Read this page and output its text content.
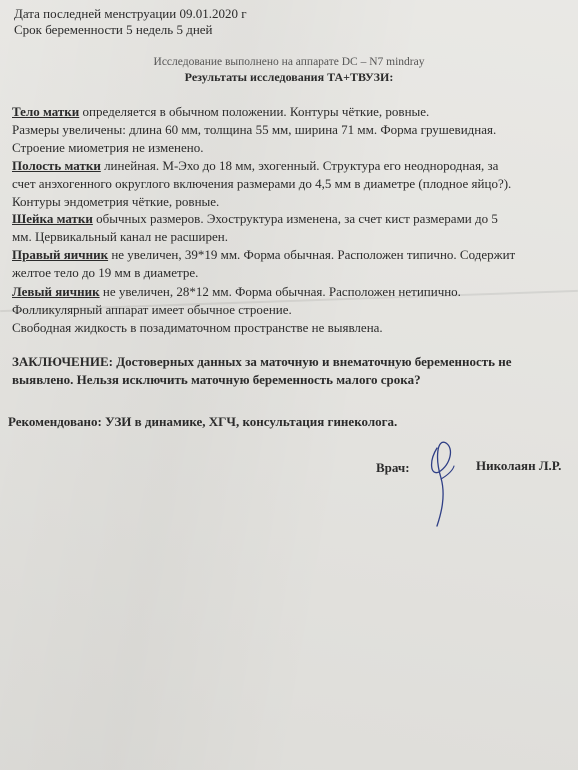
Дата последней менструации 09.01.2020 г
Срок беременности 5 недель 5 дней
Исследование выполнено на аппарате DC – N7 mindray
Результаты исследования ТА+ТВУЗИ:
Тело матки определяется в обычном положении. Контуры чёткие, ровные.
Размеры увеличены: длина 60 мм, толщина 55 мм, ширина 71 мм. Форма грушевидная.
Строение миометрия не изменено.
Полость матки линейная. М-Эхо до 18 мм, эхогенный. Структура его неоднородная, за
счет анэхогенного округлого включения размерами до 4,5 мм в диаметре (плодное яйцо?).
Контуры эндометрия чёткие, ровные.
Шейка матки обычных размеров. Эхоструктура изменена, за счет кист размерами до 5
мм. Цервикальный канал не расширен.
Правый яичник не увеличен, 39*19 мм. Форма обычная. Расположен типично. Содержит
желтое тело до 19 мм в диаметре.
Левый яичник не увеличен, 28*12 мм. Форма обычная. Расположен нетипично.
Фолликулярный аппарат имеет обычное строение.
Свободная жидкость в позадиматочном пространстве не выявлена.
ЗАКЛЮЧЕНИЕ: Достоверных данных за маточную и внематочную беременность не
выявлено. Нельзя исключить маточную беременность малого срока?
Рекомендовано: УЗИ в динамике, ХГЧ, консультация гинеколога.
Врач:	Николаян Л.Р.
